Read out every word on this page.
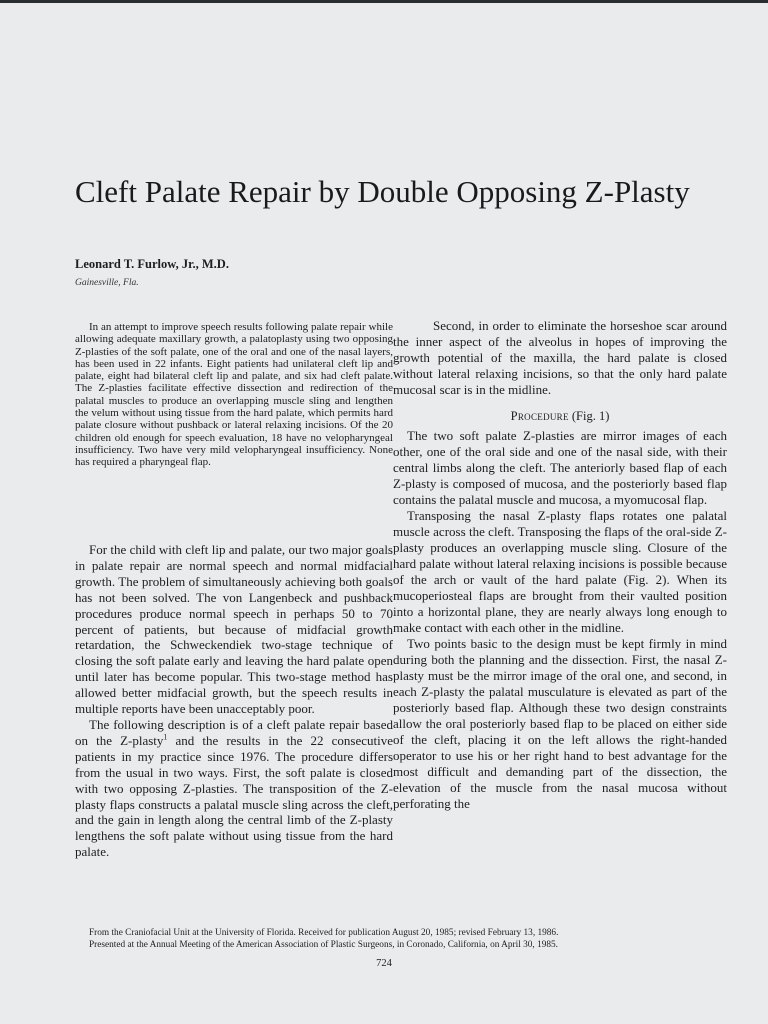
Cleft Palate Repair by Double Opposing Z-Plasty
Leonard T. Furlow, Jr., M.D.
Gainesville, Fla.

In an attempt to improve speech results following palate repair while allowing adequate maxillary growth, a palatoplasty using two opposing Z-plasties of the soft palate, one of the oral and one of the nasal layers, has been used in 22 infants. Eight patients had unilateral cleft lip and palate, eight had bilateral cleft lip and palate, and six had cleft palate. The Z-plasties facilitate effective dissection and redirection of the palatal muscles to produce an overlapping muscle sling and lengthen the velum without using tissue from the hard palate, which permits hard palate closure without pushback or lateral relaxing incisions. Of the 20 children old enough for speech evaluation, 18 have no velopharyngeal insufficiency. Two have very mild velopharyngeal insufficiency. None has required a pharyngeal flap.

For the child with cleft lip and palate, our two major goals in palate repair are normal speech and normal midfacial growth. The problem of simultaneously achieving both goals has not been solved. The von Langenbeck and pushback procedures produce normal speech in perhaps 50 to 70 percent of patients, but because of midfacial growth retardation, the Schweckendiek two-stage technique of closing the soft palate early and leaving the hard palate open until later has become popular. This two-stage method has allowed better midfacial growth, but the speech results in multiple reports have been unacceptably poor.

The following description is of a cleft palate repair based on the Z-plasty$^1$ and the results in the 22 consecutive patients in my practice since 1976. The procedure differs from the usual in two ways. First, the soft palate is closed with two opposing Z-plasties. The transposition of the Z-plasty flaps constructs a palatal muscle sling across the cleft, and the gain in length along the central limb of the Z-plasty lengthens the soft palate without using tissue from the hard palate.

Second, in order to eliminate the horseshoe scar around the inner aspect of the alveolus in hopes of improving the growth potential of the maxilla, the hard palate is closed without lateral relaxing incisions, so that the only hard palate mucosal scar is in the midline.

Procedure (Fig. 1)

The two soft palate Z-plasties are mirror images of each other, one of the oral side and one of the nasal side, with their central limbs along the cleft. The anteriorly based flap of each Z-plasty is composed of mucosa, and the posteriorly based flap contains the palatal muscle and mucosa, a myomucosal flap.

Transposing the nasal Z-plasty flaps rotates one palatal muscle across the cleft. Transposing the flaps of the oral-side Z-plasty produces an overlapping muscle sling. Closure of the hard palate without lateral relaxing incisions is possible because of the arch or vault of the hard palate (Fig. 2). When its mucoperiosteal flaps are brought from their vaulted position into a horizontal plane, they are nearly always long enough to make contact with each other in the midline.

Two points basic to the design must be kept firmly in mind during both the planning and the dissection. First, the nasal Z-plasty must be the mirror image of the oral one, and second, in each Z-plasty the palatal musculature is elevated as part of the posteriorly based flap. Although these two design constraints allow the oral posteriorly based flap to be placed on either side of the cleft, placing it on the left allows the right-handed operator to use his or her right hand to best advantage for the most difficult and demanding part of the dissection, the elevation of the muscle from the nasal mucosa without perforating the

From the Craniofacial Unit at the University of Florida. Received for publication August 20, 1985; revised February 13, 1986.

Presented at the Annual Meeting of the American Association of Plastic Surgeons, in Coronado, California, on April 30, 1985.

724
